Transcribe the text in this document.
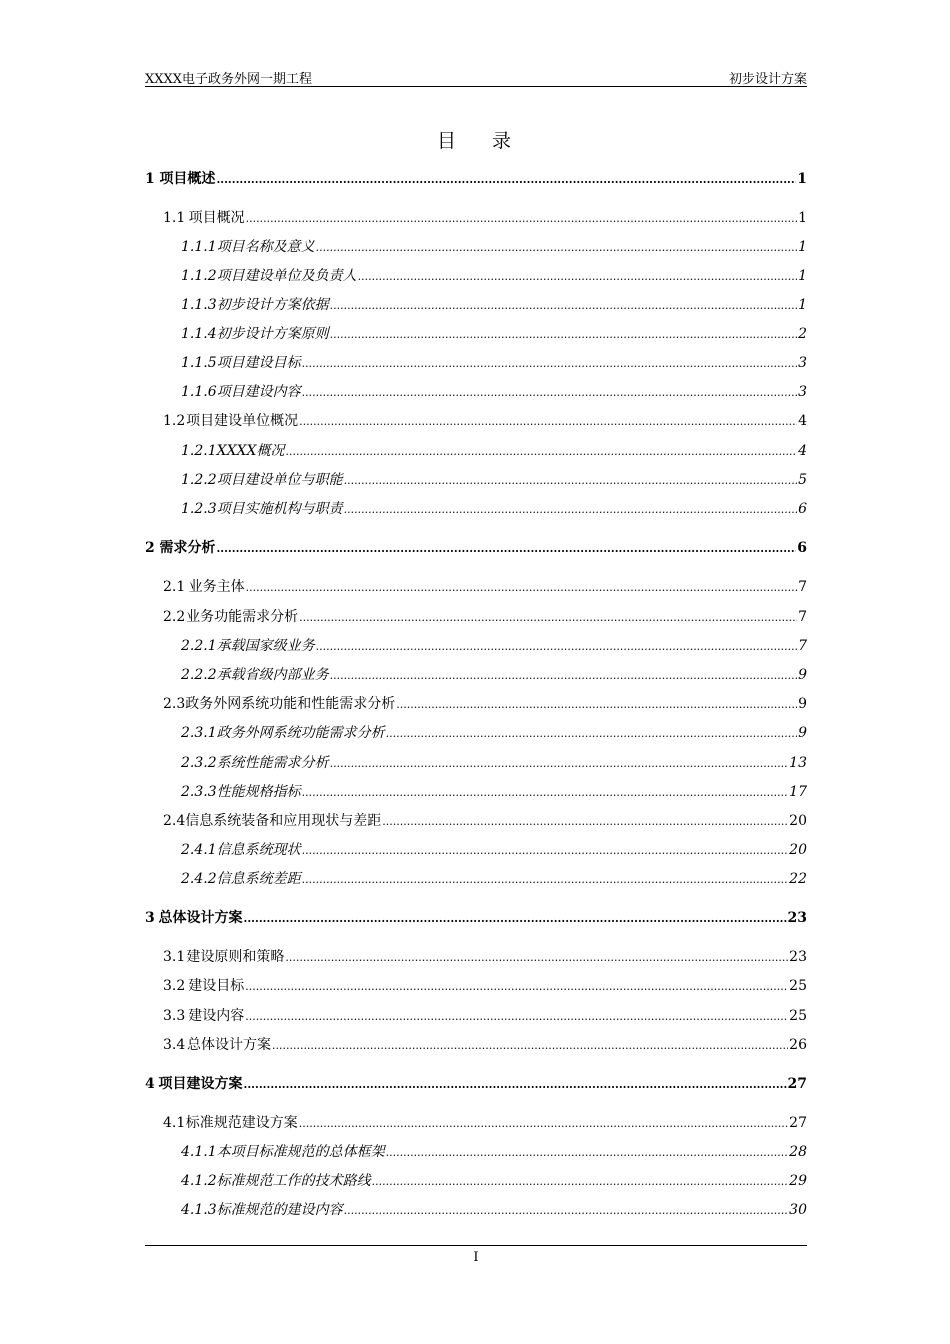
XXXX电子政务外网一期工程	初步设计方案
目 录
1 项目概述 .....	1
1.1 项目概况 .....	1
1.1.1 项目名称及意义 .....	1
1.1.2 项目建设单位及负责人 .....	1
1.1.3 初步设计方案依据 .....	1
1.1.4 初步设计方案原则 .....	2
1.1.5 项目建设目标 .....	3
1.1.6 项目建设内容 .....	3
1.2 项目建设单位概况 .....	4
1.2.1 XXXX概况 .....	4
1.2.2 项目建设单位与职能 .....	5
1.2.3 项目实施机构与职责 .....	6
2 需求分析 .....	6
2.1 业务主体 .....	7
2.2 业务功能需求分析 .....	7
2.2.1 承载国家级业务 .....	7
2.2.2 承载省级内部业务 .....	9
2.3 政务外网系统功能和性能需求分析 .....	9
2.3.1 政务外网系统功能需求分析 .....	9
2.3.2 系统性能需求分析 .....	13
2.3.3 性能规格指标 .....	17
2.4 信息系统装备和应用现状与差距 .....	20
2.4.1 信息系统现状 .....	20
2.4.2 信息系统差距 .....	22
3 总体设计方案 .....	23
3.1 建设原则和策略 .....	23
3.2 建设目标 .....	25
3.3 建设内容 .....	25
3.4 总体设计方案 .....	26
4 项目建设方案 .....	27
4.1 标准规范建设方案 .....	27
4.1.1 本项目标准规范的总体框架 .....	28
4.1.2 标准规范工作的技术路线 .....	29
4.1.3 标准规范的建设内容 .....	30
I
